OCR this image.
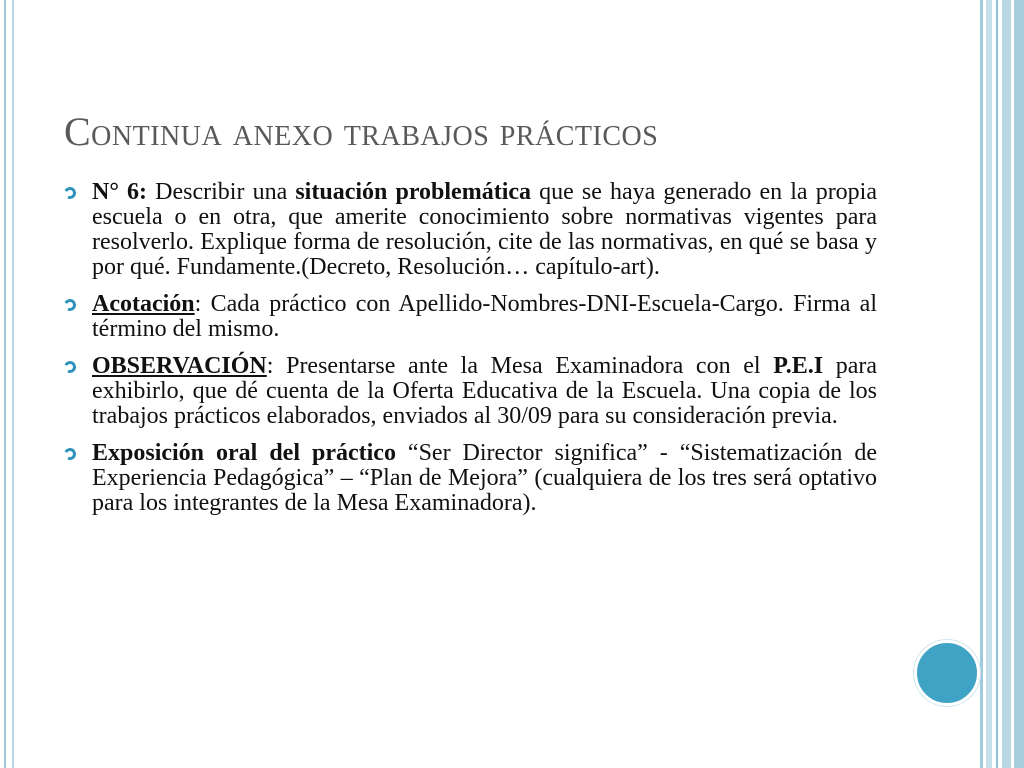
Continua anexo trabajos prácticos

N° 6: Describir una situación problemática que se haya generado en la propia escuela o en otra, que amerite conocimiento sobre normativas vigentes para resolverlo. Explique forma de resolución, cite de las normativas, en qué se basa y por qué. Fundamente.(Decreto, Resolución… capítulo-art).

Acotación: Cada práctico con Apellido-Nombres-DNI-Escuela-Cargo. Firma al término del mismo.

OBSERVACIÓN: Presentarse ante la Mesa Examinadora con el P.E.I para exhibirlo, que dé cuenta de la Oferta Educativa de la Escuela. Una copia de los trabajos prácticos elaborados, enviados al 30/09 para su consideración previa.

Exposición oral del práctico “Ser Director significa” - “Sistematización de Experiencia Pedagógica” – “Plan de Mejora” (cualquiera de los tres será optativo para los integrantes de la Mesa Examinadora).
